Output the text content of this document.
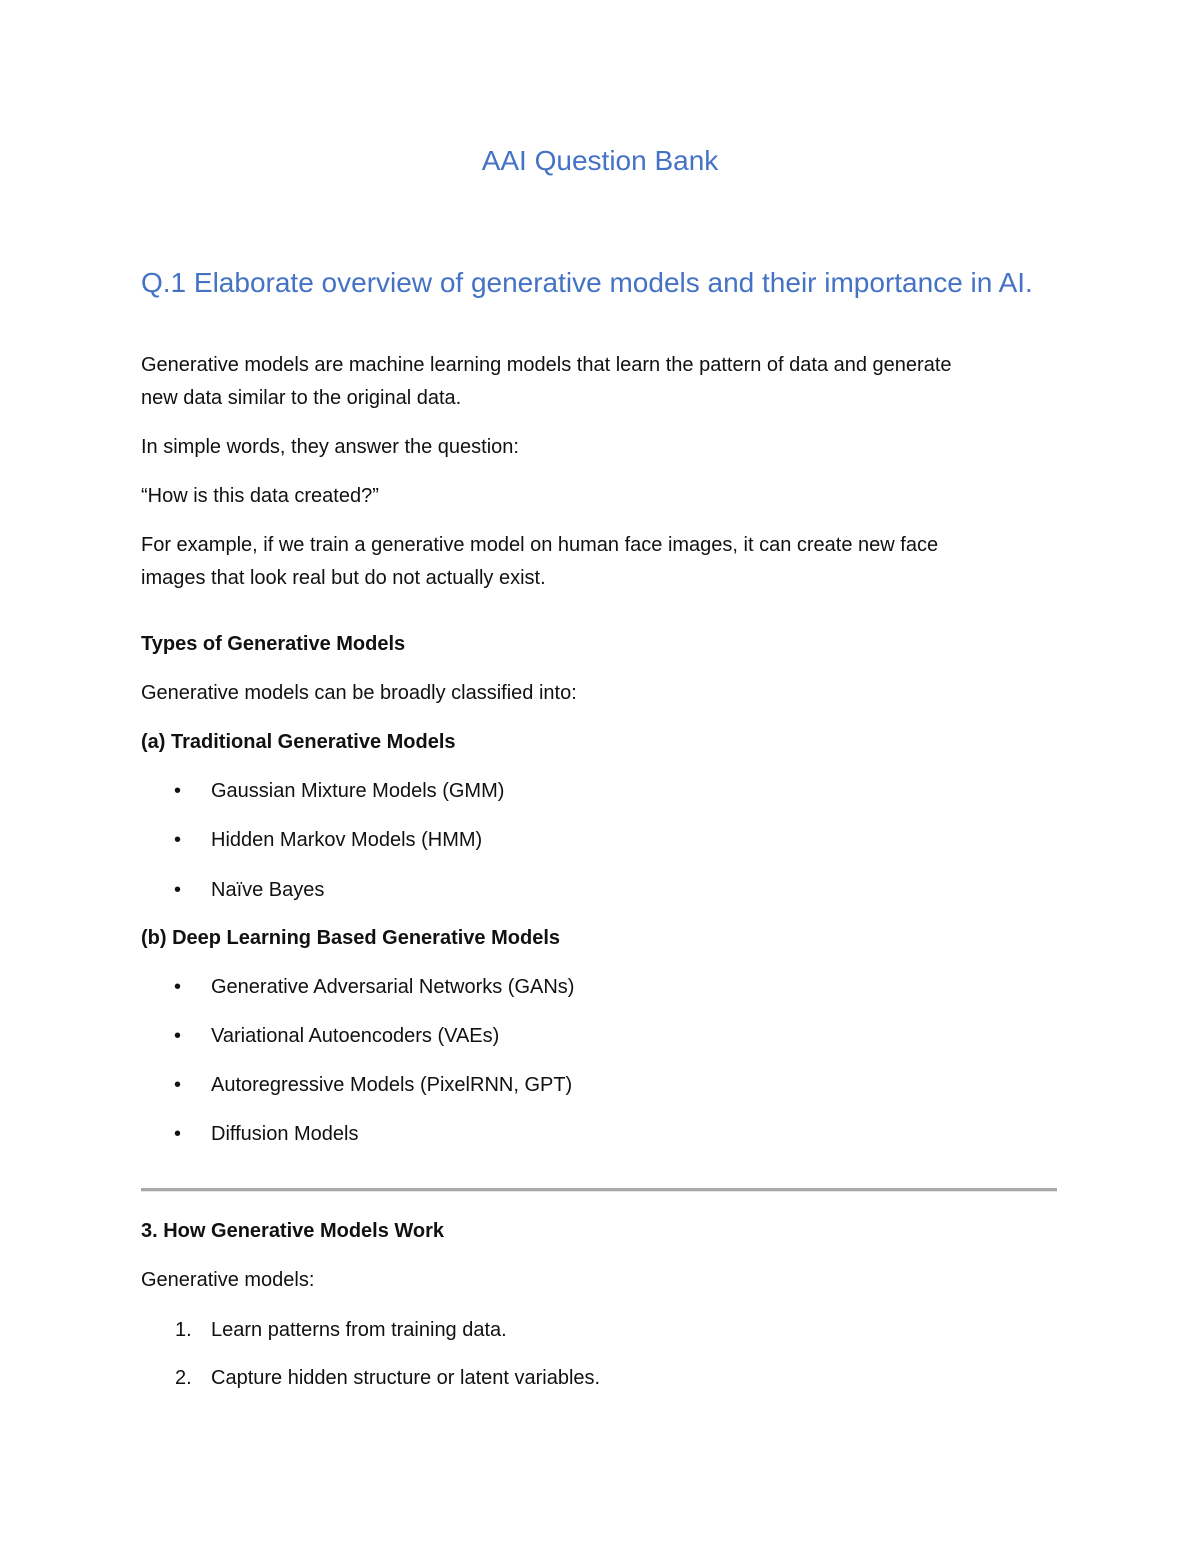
AAI Question Bank
Q.1 Elaborate overview of generative models and their importance in AI.
Generative models are machine learning models that learn the pattern of data and generate
new data similar to the original data.
In simple words, they answer the question:
“How is this data created?”
For example, if we train a generative model on human face images, it can create new face
images that look real but do not actually exist.
Types of Generative Models
Generative models can be broadly classified into:
(a) Traditional Generative Models
• Gaussian Mixture Models (GMM)
• Hidden Markov Models (HMM)
• Naïve Bayes
(b) Deep Learning Based Generative Models
• Generative Adversarial Networks (GANs)
• Variational Autoencoders (VAEs)
• Autoregressive Models (PixelRNN, GPT)
• Diffusion Models
3. How Generative Models Work
Generative models:
1. Learn patterns from training data.
2. Capture hidden structure or latent variables.
